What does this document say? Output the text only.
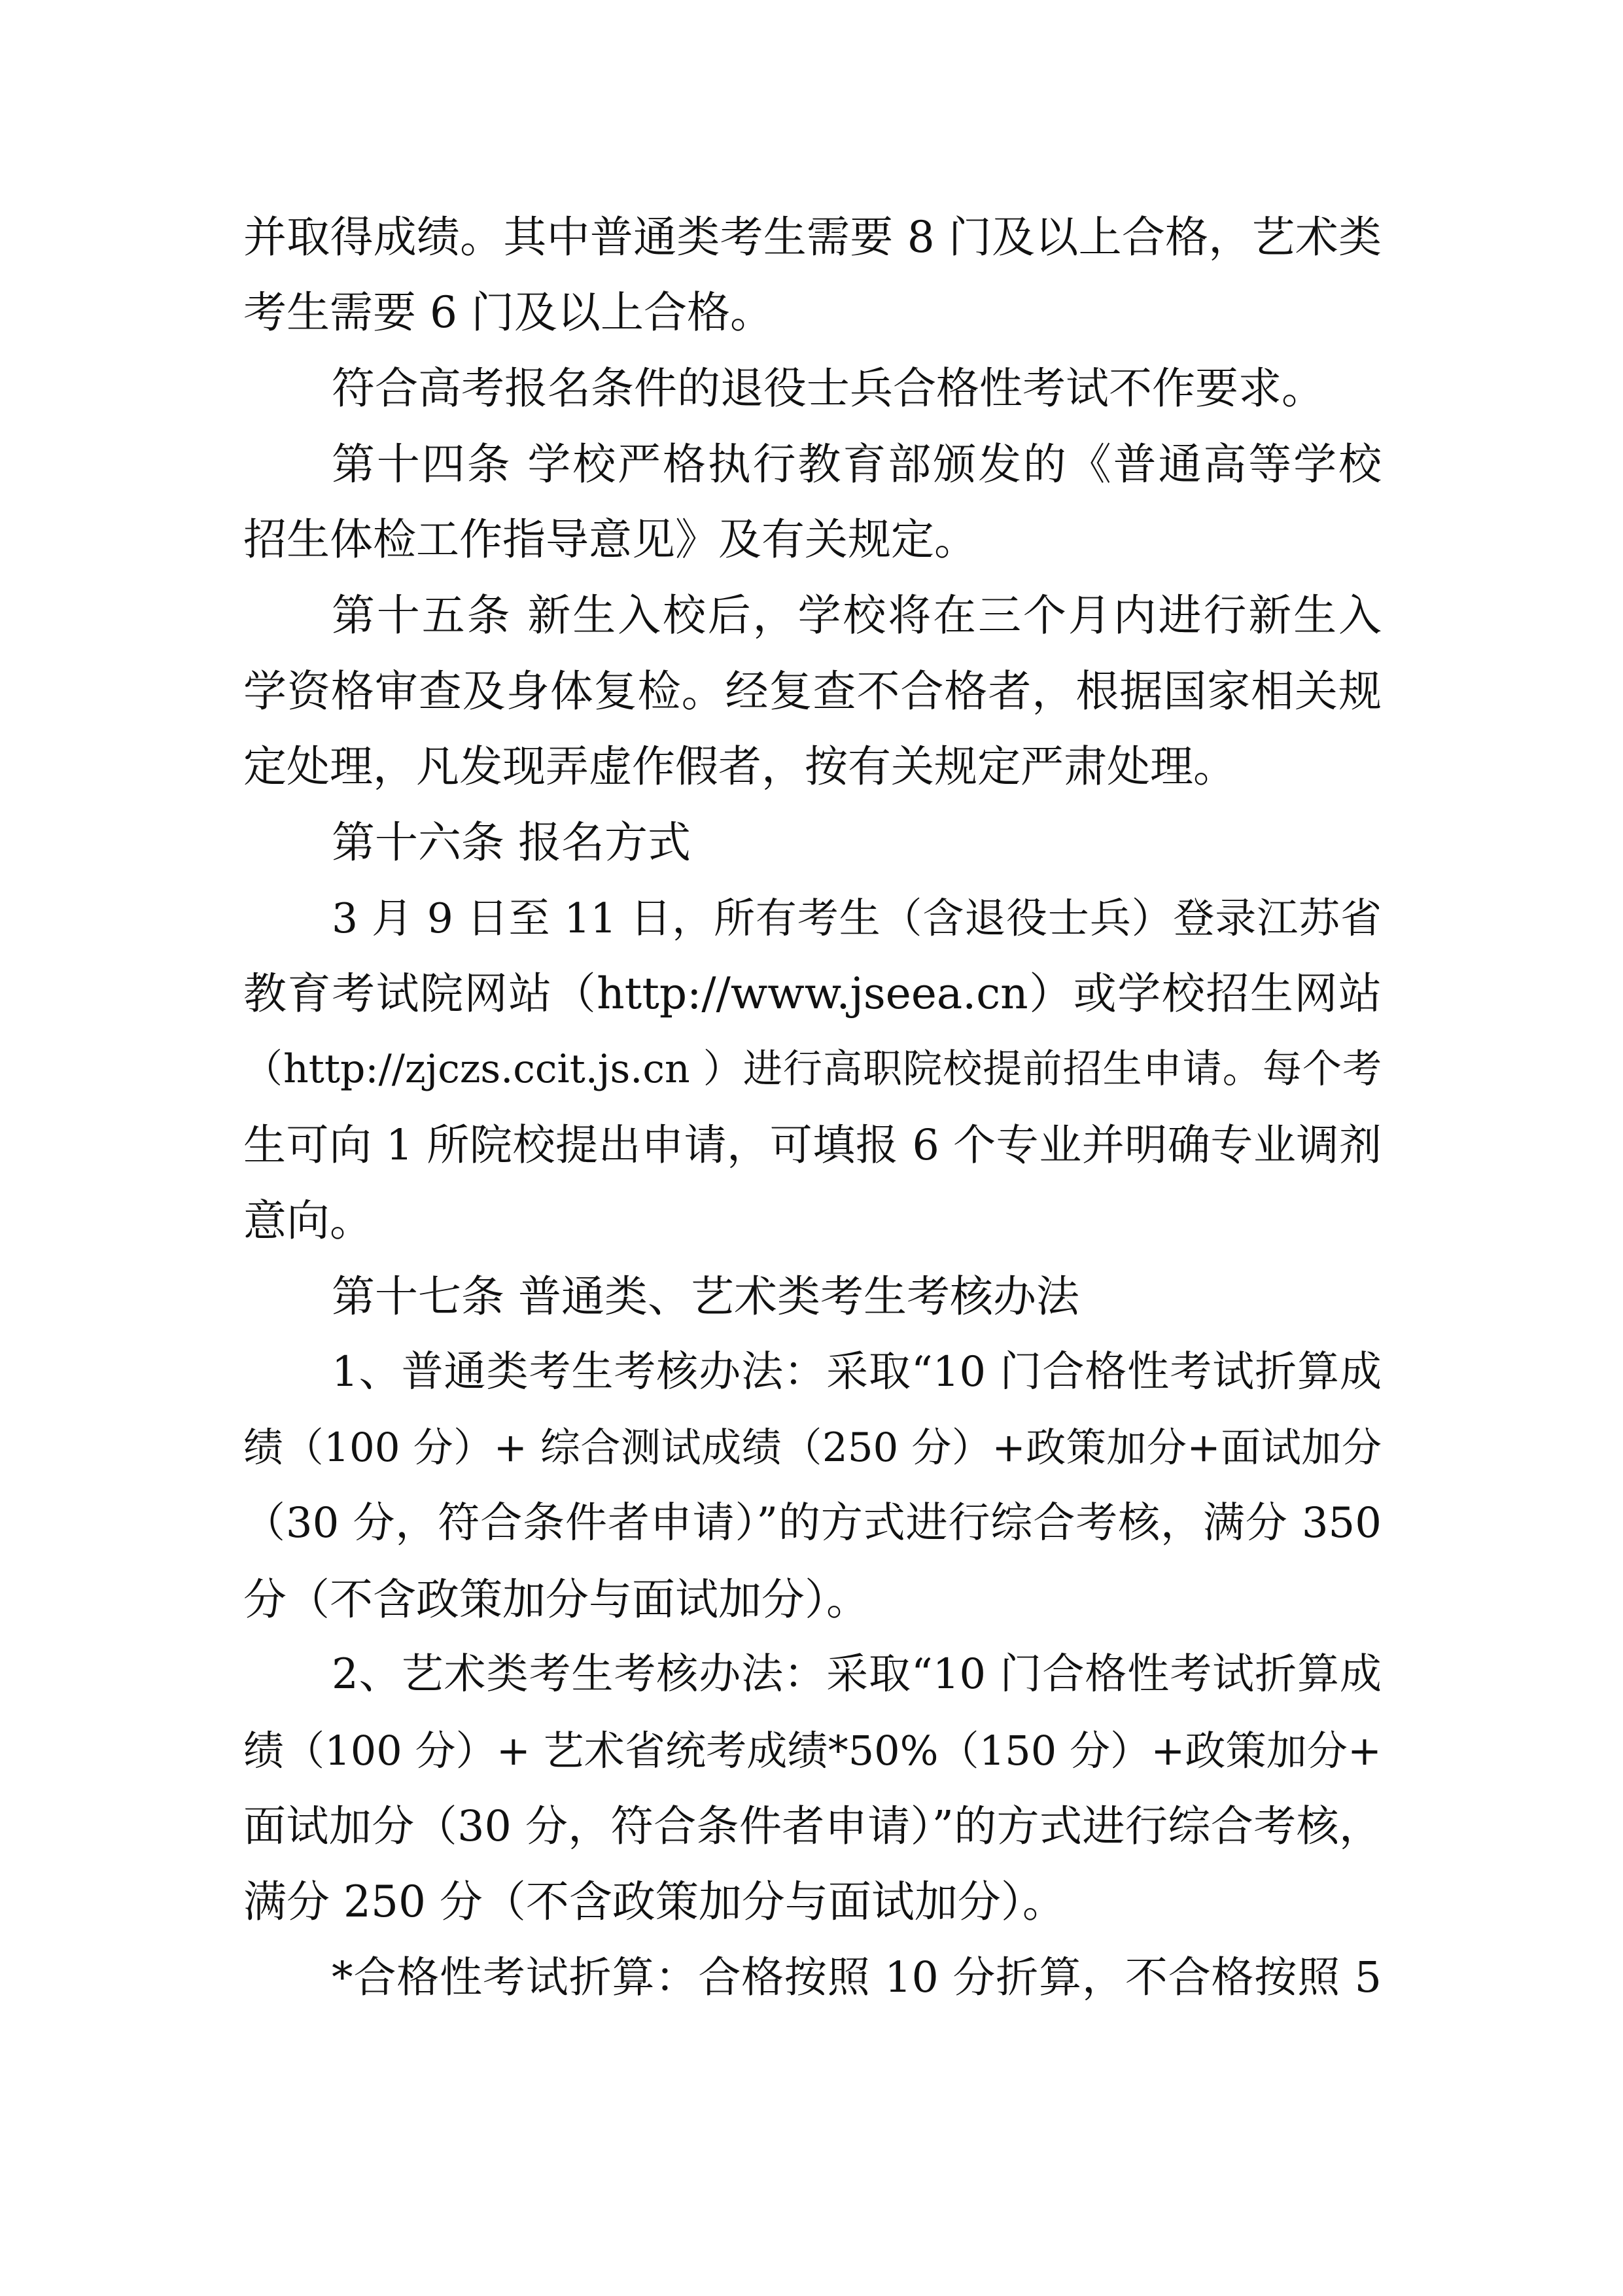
并取得成绩。其中普通类考生需要 8 门及以上合格，艺术类

考生需要 6 门及以上合格。

符合高考报名条件的退役士兵合格性考试不作要求。

第十四条 学校严格执行教育部颁发的《普通高等学校

招生体检工作指导意见》及有关规定。

第十五条 新生入校后，学校将在三个月内进行新生入

学资格审查及身体复检。经复查不合格者，根据国家相关规

定处理，凡发现弄虚作假者，按有关规定严肃处理。

第十六条 报名方式

3 月 9 日至 11 日，所有考生（含退役士兵）登录江苏省

教育考试院网站（http://www.jseea.cn）或学校招生网站

（http://zjczs.ccit.js.cn ）进行高职院校提前招生申请。每个考

生可向 1 所院校提出申请，可填报 6 个专业并明确专业调剂

意向。

第十七条 普通类、艺术类考生考核办法

1、普通类考生考核办法：采取“10 门合格性考试折算成

绩（100 分）+ 综合测试成绩（250 分）+政策加分+面试加分

（30 分，符合条件者申请）”的方式进行综合考核，满分 350

分（不含政策加分与面试加分）。

2、艺术类考生考核办法：采取“10 门合格性考试折算成

绩（100 分）+ 艺术省统考成绩*50%（150 分）+政策加分+

面试加分（30 分，符合条件者申请）”的方式进行综合考核，

满分 250 分（不含政策加分与面试加分）。

*合格性考试折算：合格按照 10 分折算，不合格按照 5
